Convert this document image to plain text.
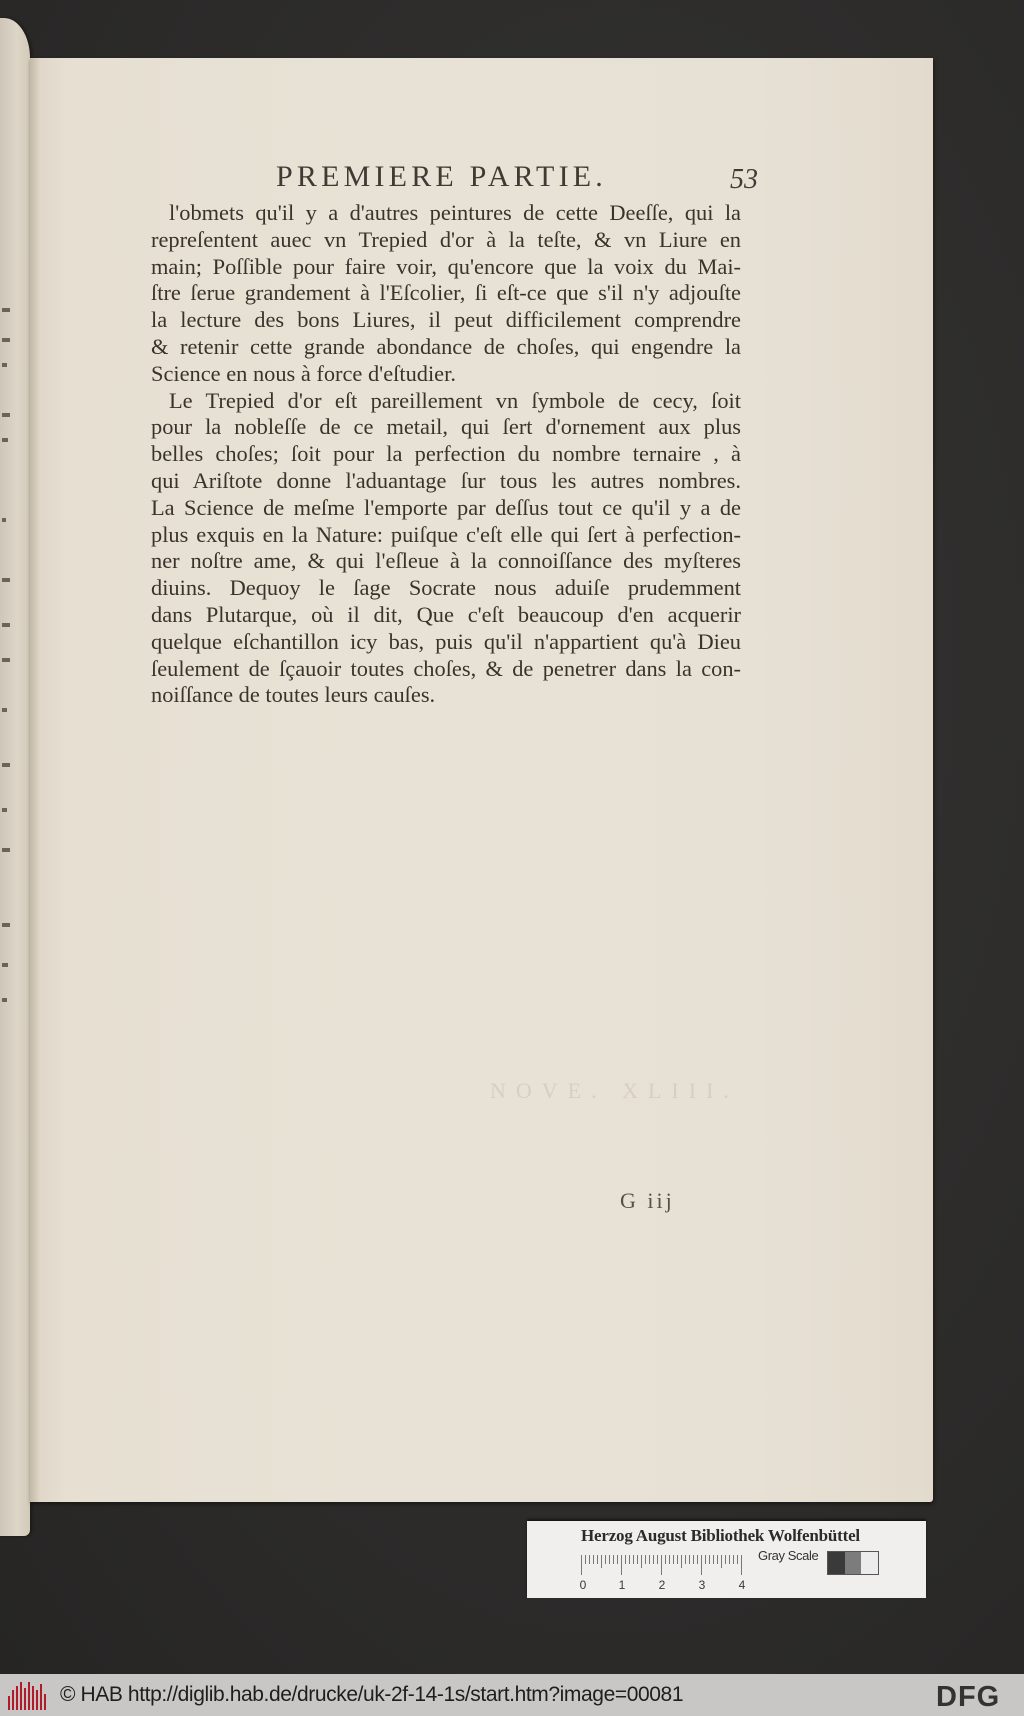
NOVE. XLIII.
PREMIERE PARTIE.	53
l'obmets qu'il y a d'autres peintures de cette Deeſſe, qui la
repreſentent auec vn Trepied d'or à la teſte, & vn Liure en
main; Poſſible pour faire voir, qu'encore que la voix du Mai-
ſtre ſerue grandement à l'Eſcolier, ſi eſt-ce que s'il n'y adjouſte
la lecture des bons Liures, il peut difficilement comprendre
& retenir cette grande abondance de choſes, qui engendre la
Science en nous à force d'eſtudier.
Le Trepied d'or eſt pareillement vn ſymbole de cecy, ſoit
pour la nobleſſe de ce metail, qui ſert d'ornement aux plus
belles choſes; ſoit pour la perfection du nombre ternaire , à
qui Ariſtote donne l'aduantage ſur tous les autres nombres.
La Science de meſme l'emporte par deſſus tout ce qu'il y a de
plus exquis en la Nature: puiſque c'eſt elle qui ſert à perfection-
ner noſtre ame, & qui l'eſleue à la connoiſſance des myſteres
diuins. Dequoy le ſage Socrate nous aduiſe prudemment
dans Plutarque, où il dit, Que c'eſt beaucoup d'en acquerir
quelque eſchantillon icy bas, puis qu'il n'appartient qu'à Dieu
ſeulement de ſçauoir toutes choſes, & de penetrer dans la con-
noiſſance de toutes leurs cauſes.
G iij
Herzog August Bibliothek Wolfenbüttel
0	1	2	3	4
Gray Scale
© HAB http://diglib.hab.de/drucke/uk-2f-14-1s/start.htm?image=00081	DFG
